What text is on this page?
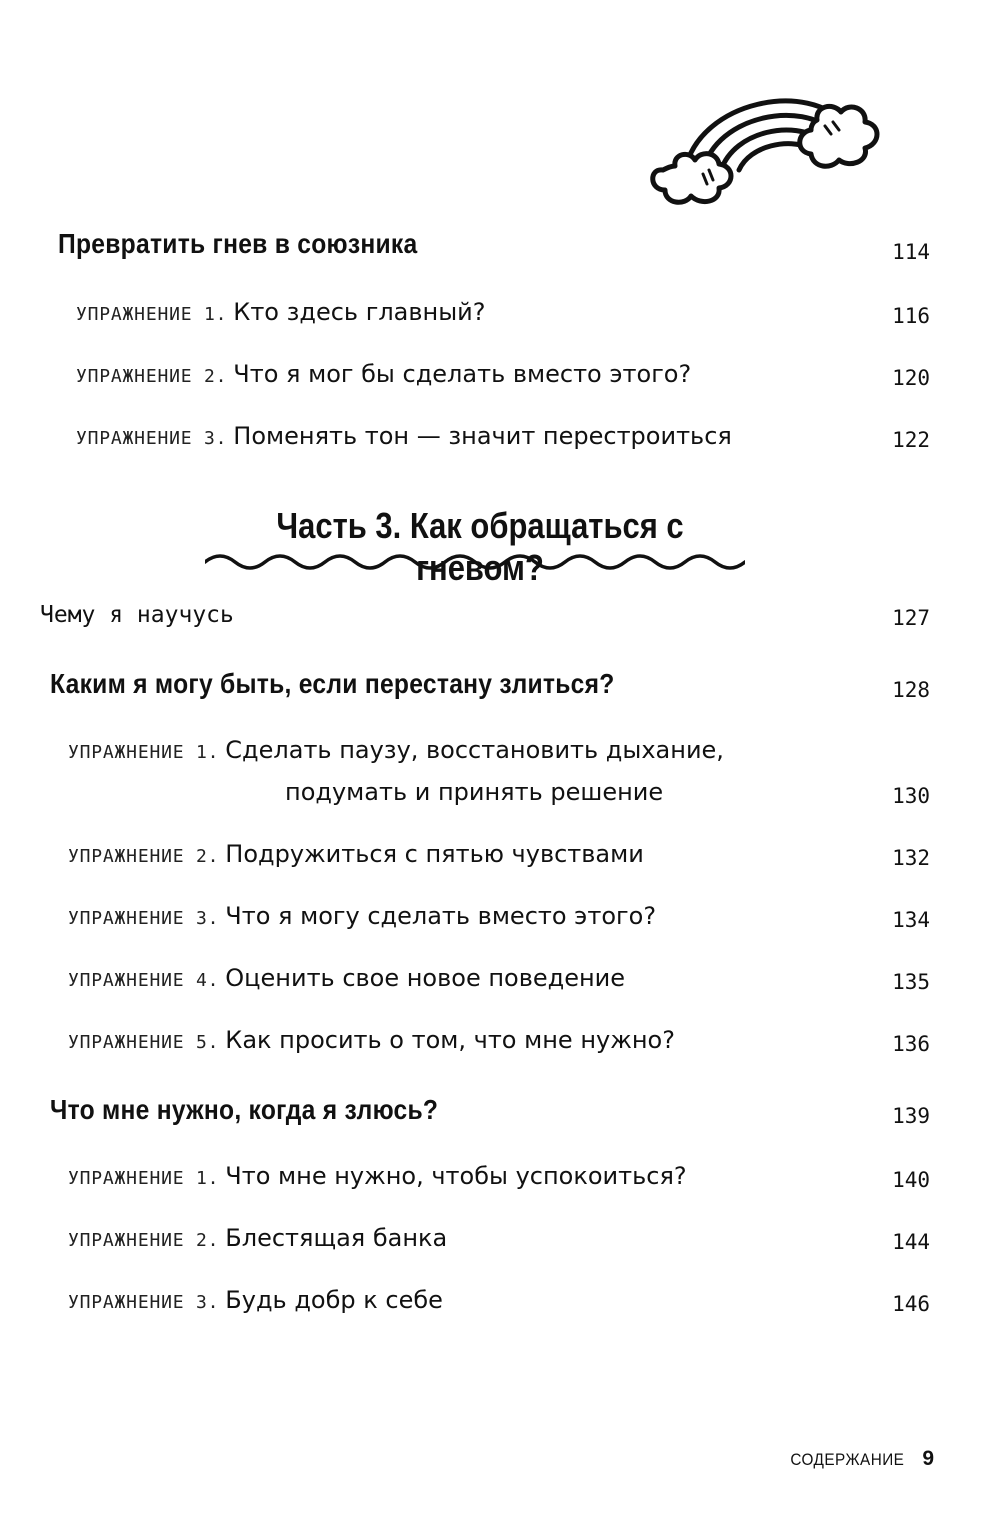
Превратить гнев в союзника	114
УПРАЖНЕНИЕ 1. Кто здесь главный?	116
УПРАЖНЕНИЕ 2. Что я мог бы сделать вместо этого?	120
УПРАЖНЕНИЕ 3. Поменять тон — значит перестроиться	122
Часть 3. Как обращаться с гневом?
Чему я научусь	127
Каким я могу быть, если перестану злиться?	128
УПРАЖНЕНИЕ 1. Сделать паузу, восстановить дыхание,
подумать и принять решение	130
УПРАЖНЕНИЕ 2. Подружиться с пятью чувствами	132
УПРАЖНЕНИЕ 3. Что я могу сделать вместо этого?	134
УПРАЖНЕНИЕ 4. Оценить свое новое поведение	135
УПРАЖНЕНИЕ 5. Как просить о том, что мне нужно?	136
Что мне нужно, когда я злюсь?	139
УПРАЖНЕНИЕ 1. Что мне нужно, чтобы успокоиться?	140
УПРАЖНЕНИЕ 2. Блестящая банка	144
УПРАЖНЕНИЕ 3. Будь добр к себе	146
СОДЕРЖАНИЕ 9
